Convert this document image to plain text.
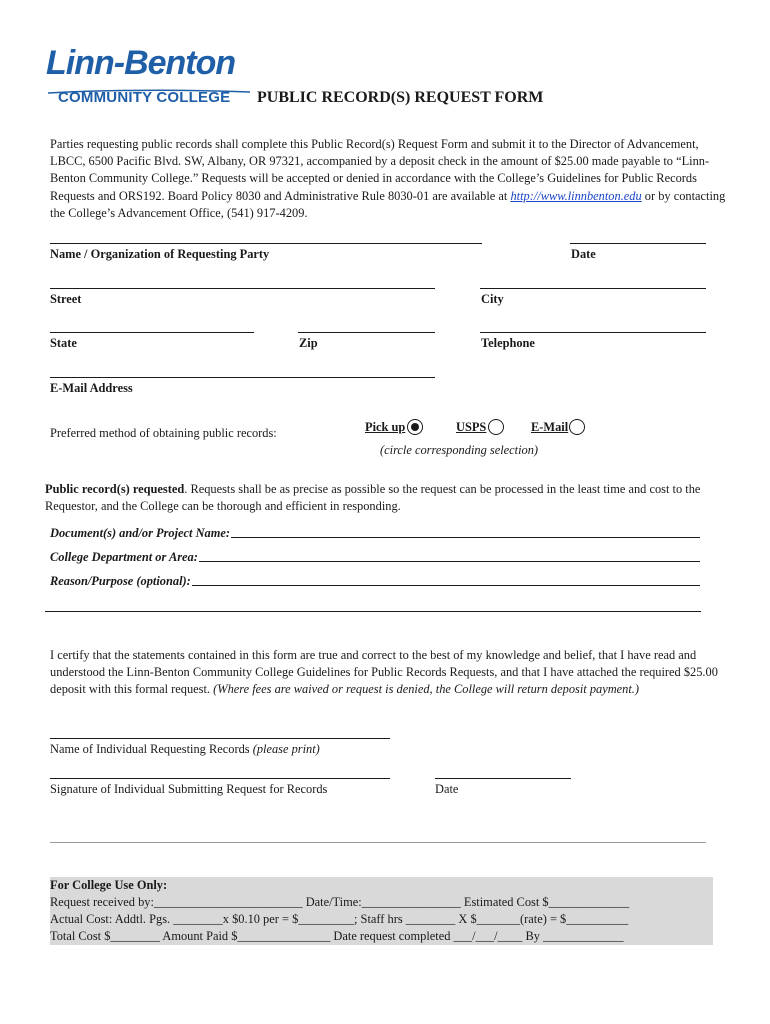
Linn-Benton
COMMUNITY COLLEGE PUBLIC RECORD(S) REQUEST FORM
Parties requesting public records shall complete this Public Record(s) Request Form and submit it to the Director of Advancement, LBCC, 6500 Pacific Blvd. SW, Albany, OR 97321, accompanied by a deposit check in the amount of $25.00 made payable to “Linn-Benton Community College.” Requests will be accepted or denied in accordance with the College’s Guidelines for Public Records Requests and ORS192. Board Policy 8030 and Administrative Rule 8030-01 are available at http://www.linnbenton.edu or by contacting the College’s Advancement Office, (541) 917-4209.
Name / Organization of Requesting Party	Date
Street	City
State	Zip	Telephone
E-Mail Address
Preferred method of obtaining public records:	Pick up	USPS	E-Mail
(circle corresponding selection)
Public record(s) requested. Requests shall be as precise as possible so the request can be processed in the least time and cost to the Requestor, and the College can be thorough and efficient in responding.
Document(s) and/or Project Name:
College Department or Area:
Reason/Purpose (optional):
I certify that the statements contained in this form are true and correct to the best of my knowledge and belief, that I have read and understood the Linn-Benton Community College Guidelines for Public Records Requests, and that I have attached the required $25.00 deposit with this formal request. (Where fees are waived or request is denied, the College will return deposit payment.)
Name of Individual Requesting Records (please print)
Signature of Individual Submitting Request for Records	Date
For College Use Only:
Request received by:________________________ Date/Time:________________ Estimated Cost $_____________
Actual Cost: Addtl. Pgs. ________x $0.10 per = $_________; Staff hrs ________ X $_______(rate) = $__________
Total Cost $________ Amount Paid $_______________ Date request completed ___/___/____ By _____________
